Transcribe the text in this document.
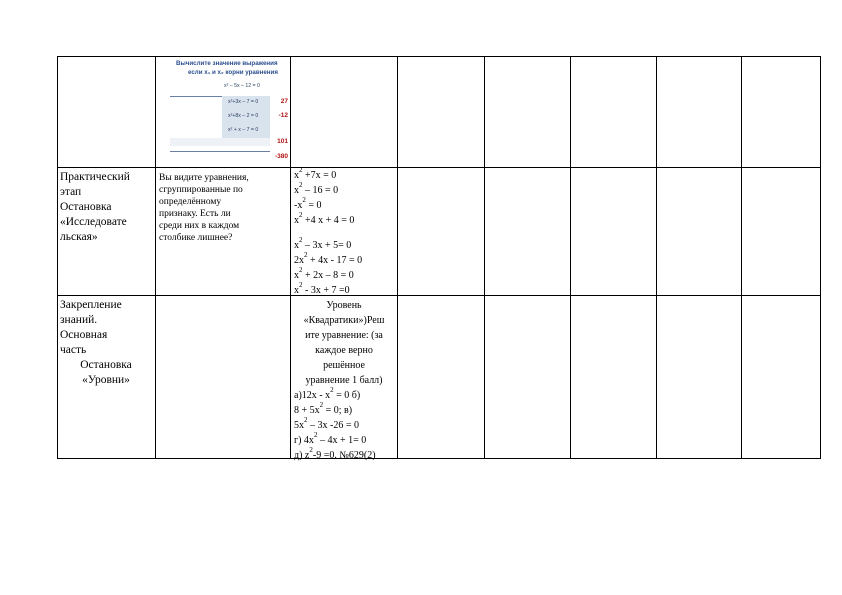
Вычислите значение выражения
если x₁ и x₂ корни уравнения
x² – 5x – 12 = 0
x²+3x – 7 = 0	27
x²+8x – 2 = 0	-12
x² + x – 7 = 0
101
-380
Практический
этап
Остановка
«Исследовате
льская»
Вы видите уравнения,
сгруппированные по
определённому
признаку. Есть ли
среди них в каждом
столбике лишнее?
$x^2 +7x = 0$
$x^2 - 16 = 0$
$-x^2 = 0$
$x^2 +4$ x + 4 = 0
$x^2 - 3x + 5= 0$
$2x^2 + 4x - 17 = 0$
$x^2 + 2x - 8 = 0$
$x^2 - 3x + 7 =0$
Закрепление
знаний.
Основная
часть
Остановка
«Уровни»
Уровень
«Квадратики»)Реш
ите уравнение: (за
каждое верно
решённое
уравнение 1 балл)
$а)12x - x^2 = 0$ б)
$8 + 5x^2 = 0$; в)
$5x^2 - 3x$ -26 = 0
г) $4x^2 - 4x + 1= 0$
д) $z^2-9 =0$. №629(2)
